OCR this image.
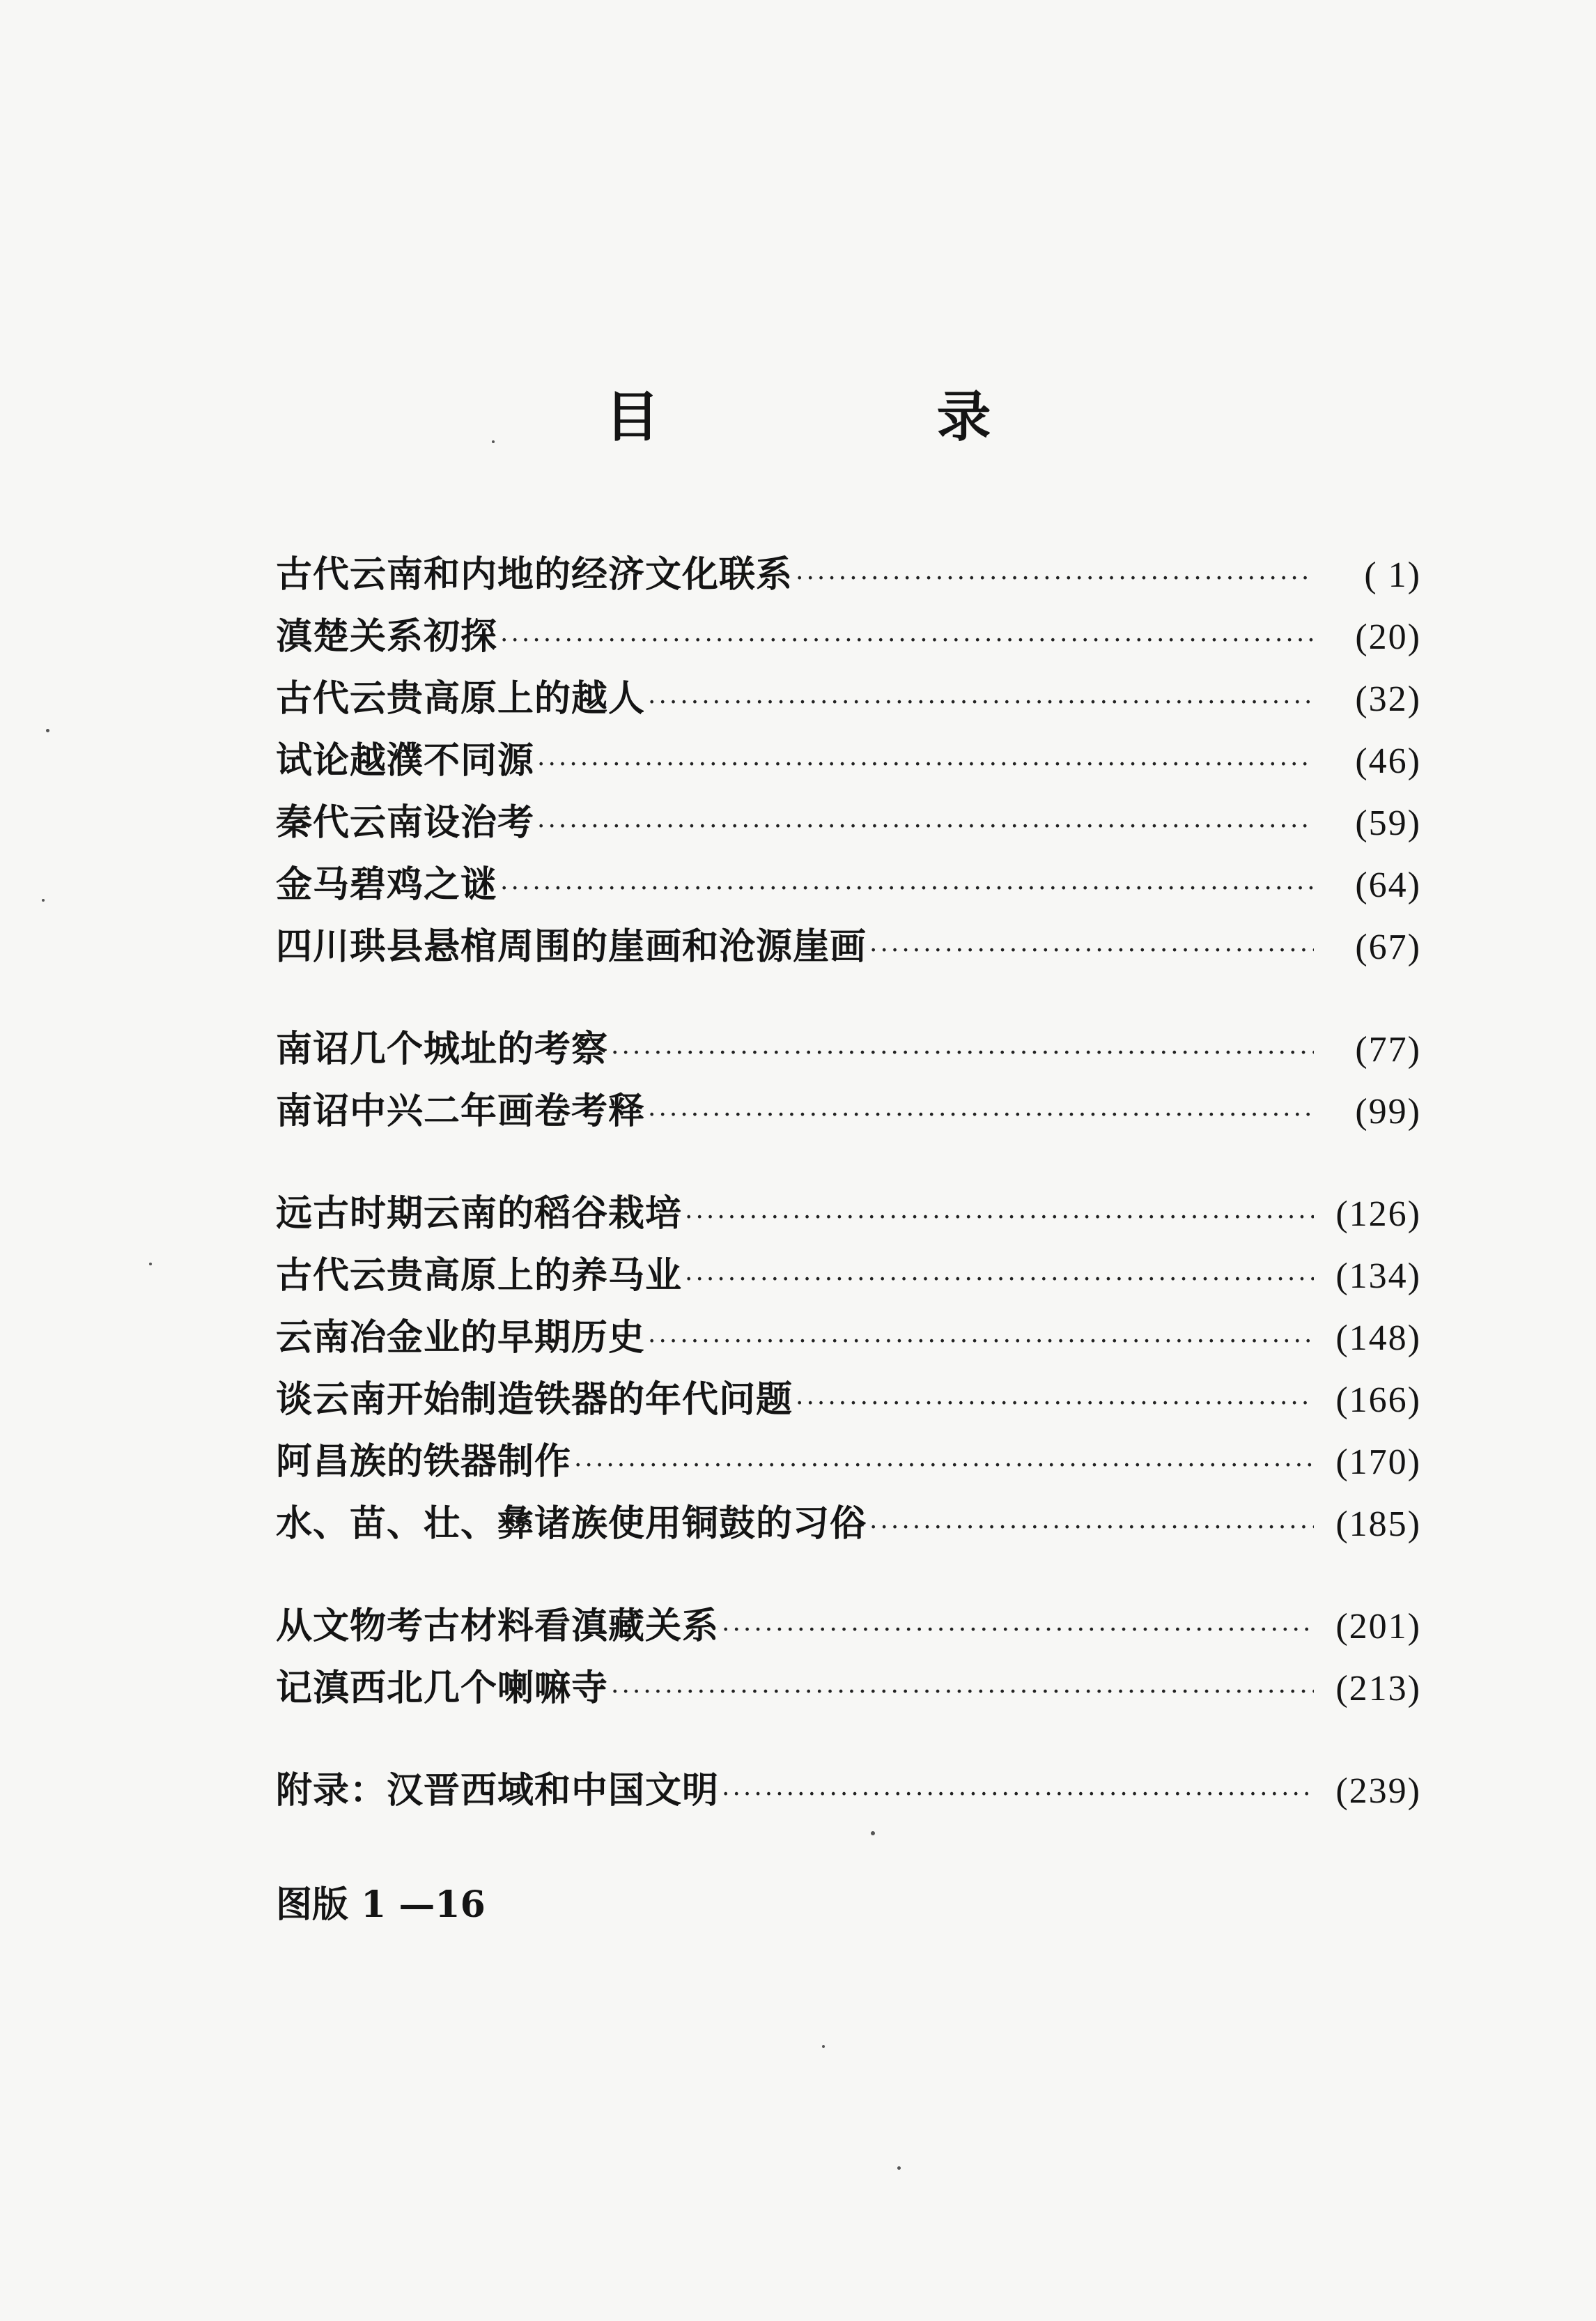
目　录
古代云南和内地的经济文化联系 ·····	( 1)
滇楚关系初探 ·····	(20)
古代云贵高原上的越人 ·····	(32)
试论越濮不同源 ·····	(46)
秦代云南设治考 ·····	(59)
金马碧鸡之谜 ·····	(64)
四川珙县悬棺周围的崖画和沧源崖画 ·····	(67)
南诏几个城址的考察 ·····	(77)
南诏中兴二年画卷考释 ·····	(99)
远古时期云南的稻谷栽培 ·····	(126)
古代云贵高原上的养马业 ·····	(134)
云南冶金业的早期历史 ·····	(148)
谈云南开始制造铁器的年代问题 ·····	(166)
阿昌族的铁器制作 ·····	(170)
水、苗、壮、彝诸族使用铜鼓的习俗 ·····	(185)
从文物考古材料看滇藏关系 ·····	(201)
记滇西北几个喇嘛寺 ·····	(213)
附录：汉晋西域和中国文明 ·····	(239)
图版 1 —16
